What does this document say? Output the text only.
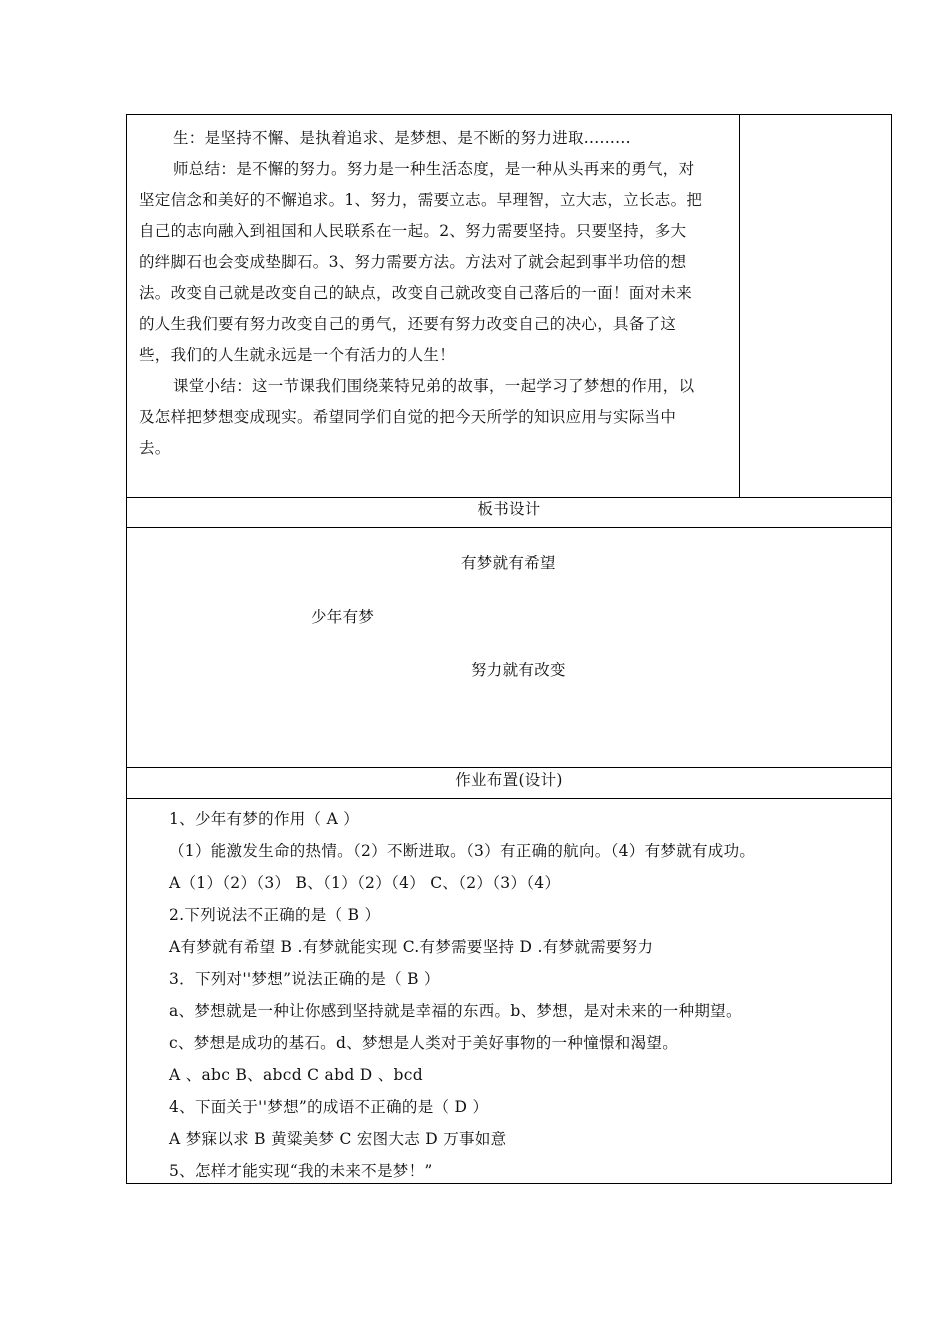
生：是坚持不懈、是执着追求、是梦想、是不断的努力进取.........
师总结：是不懈的努力。努力是一种生活态度，是一种从头再来的勇气，对
坚定信念和美好的不懈追求。1、努力，需要立志。早理智，立大志，立长志。把
自己的志向融入到祖国和人民联系在一起。2、努力需要坚持。只要坚持，多大
的绊脚石也会变成垫脚石。3、努力需要方法。方法对了就会起到事半功倍的想
法。改变自己就是改变自己的缺点，改变自己就改变自己落后的一面！面对未来
的人生我们要有努力改变自己的勇气，还要有努力改变自己的决心，具备了这
些，我们的人生就永远是一个有活力的人生！
课堂小结：这一节课我们围绕莱特兄弟的故事，一起学习了梦想的作用，以
及怎样把梦想变成现实。希望同学们自觉的把今天所学的知识应用与实际当中
去。
板书设计
有梦就有希望
少年有梦
努力就有改变
作业布置(设计)
1、少年有梦的作用（ A ）
（1）能激发生命的热情。（2）不断进取。（3）有正确的航向。（4）有梦就有成功。
A（1）（2）（3） B、（1）（2）（4） C、（2）（3）（4）
2.下列说法不正确的是（ B ）
A有梦就有希望 B .有梦就能实现 C.有梦需要坚持 D .有梦就需要努力
3．下列对''梦想”说法正确的是（ B ）
a、梦想就是一种让你感到坚持就是幸福的东西。b、梦想，是对未来的一种期望。
c、梦想是成功的基石。d、梦想是人类对于美好事物的一种憧憬和渴望。
A 、abc B、abcd C abd D 、bcd
4、下面关于''梦想”的成语不正确的是（ D ）
A 梦寐以求 B 黄粱美梦 C 宏图大志 D 万事如意
5、怎样才能实现“我的未来不是梦！”
